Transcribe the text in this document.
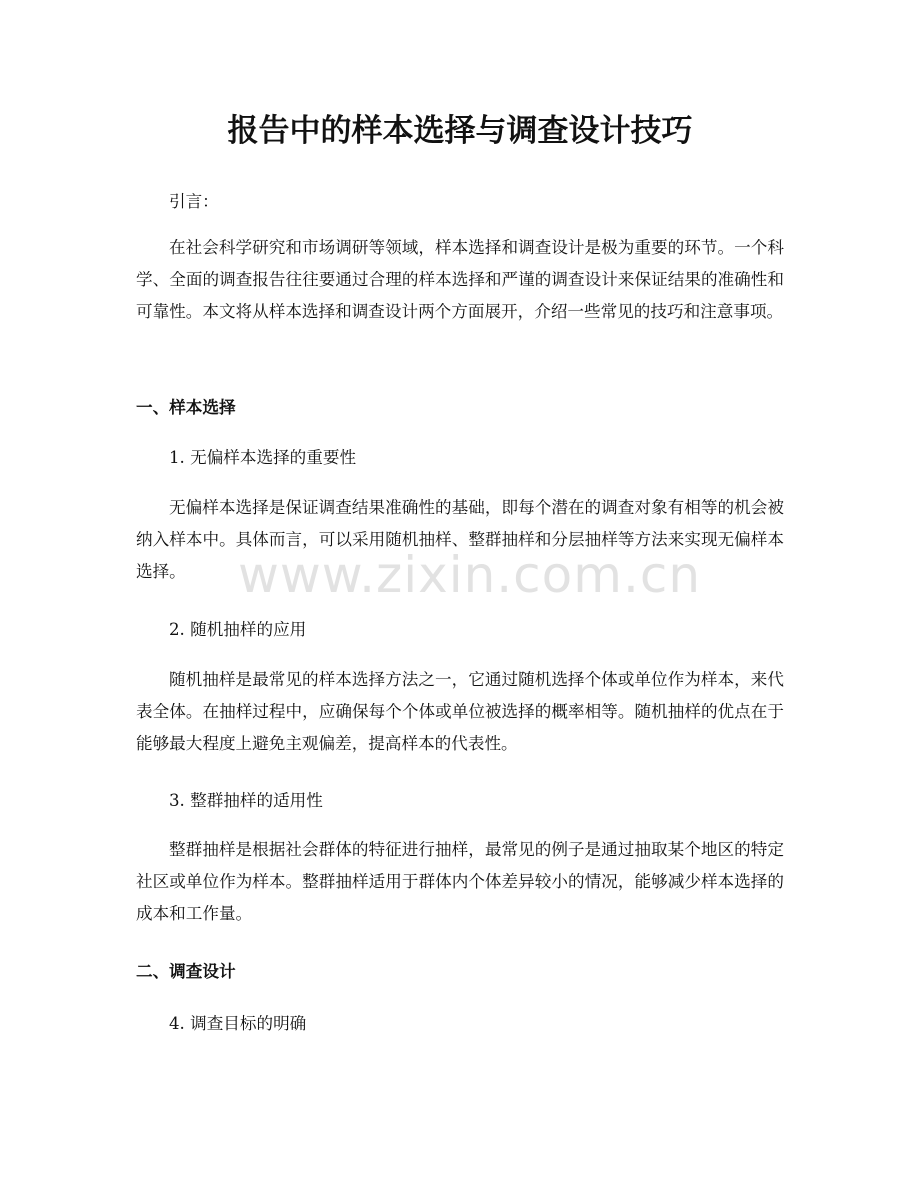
报告中的样本选择与调查设计技巧

引言：

在社会科学研究和市场调研等领域，样本选择和调查设计是极为重要的环节。一个科学、全面的调查报告往往要通过合理的样本选择和严谨的调查设计来保证结果的准确性和可靠性。本文将从样本选择和调查设计两个方面展开，介绍一些常见的技巧和注意事项。

一、样本选择

1. 无偏样本选择的重要性

无偏样本选择是保证调查结果准确性的基础，即每个潜在的调查对象有相等的机会被纳入样本中。具体而言，可以采用随机抽样、整群抽样和分层抽样等方法来实现无偏样本选择。

2. 随机抽样的应用

随机抽样是最常见的样本选择方法之一，它通过随机选择个体或单位作为样本，来代表全体。在抽样过程中，应确保每个个体或单位被选择的概率相等。随机抽样的优点在于能够最大程度上避免主观偏差，提高样本的代表性。

3. 整群抽样的适用性

整群抽样是根据社会群体的特征进行抽样，最常见的例子是通过抽取某个地区的特定社区或单位作为样本。整群抽样适用于群体内个体差异较小的情况，能够减少样本选择的成本和工作量。

二、调查设计

4. 调查目标的明确

www.zixin.com.cn
